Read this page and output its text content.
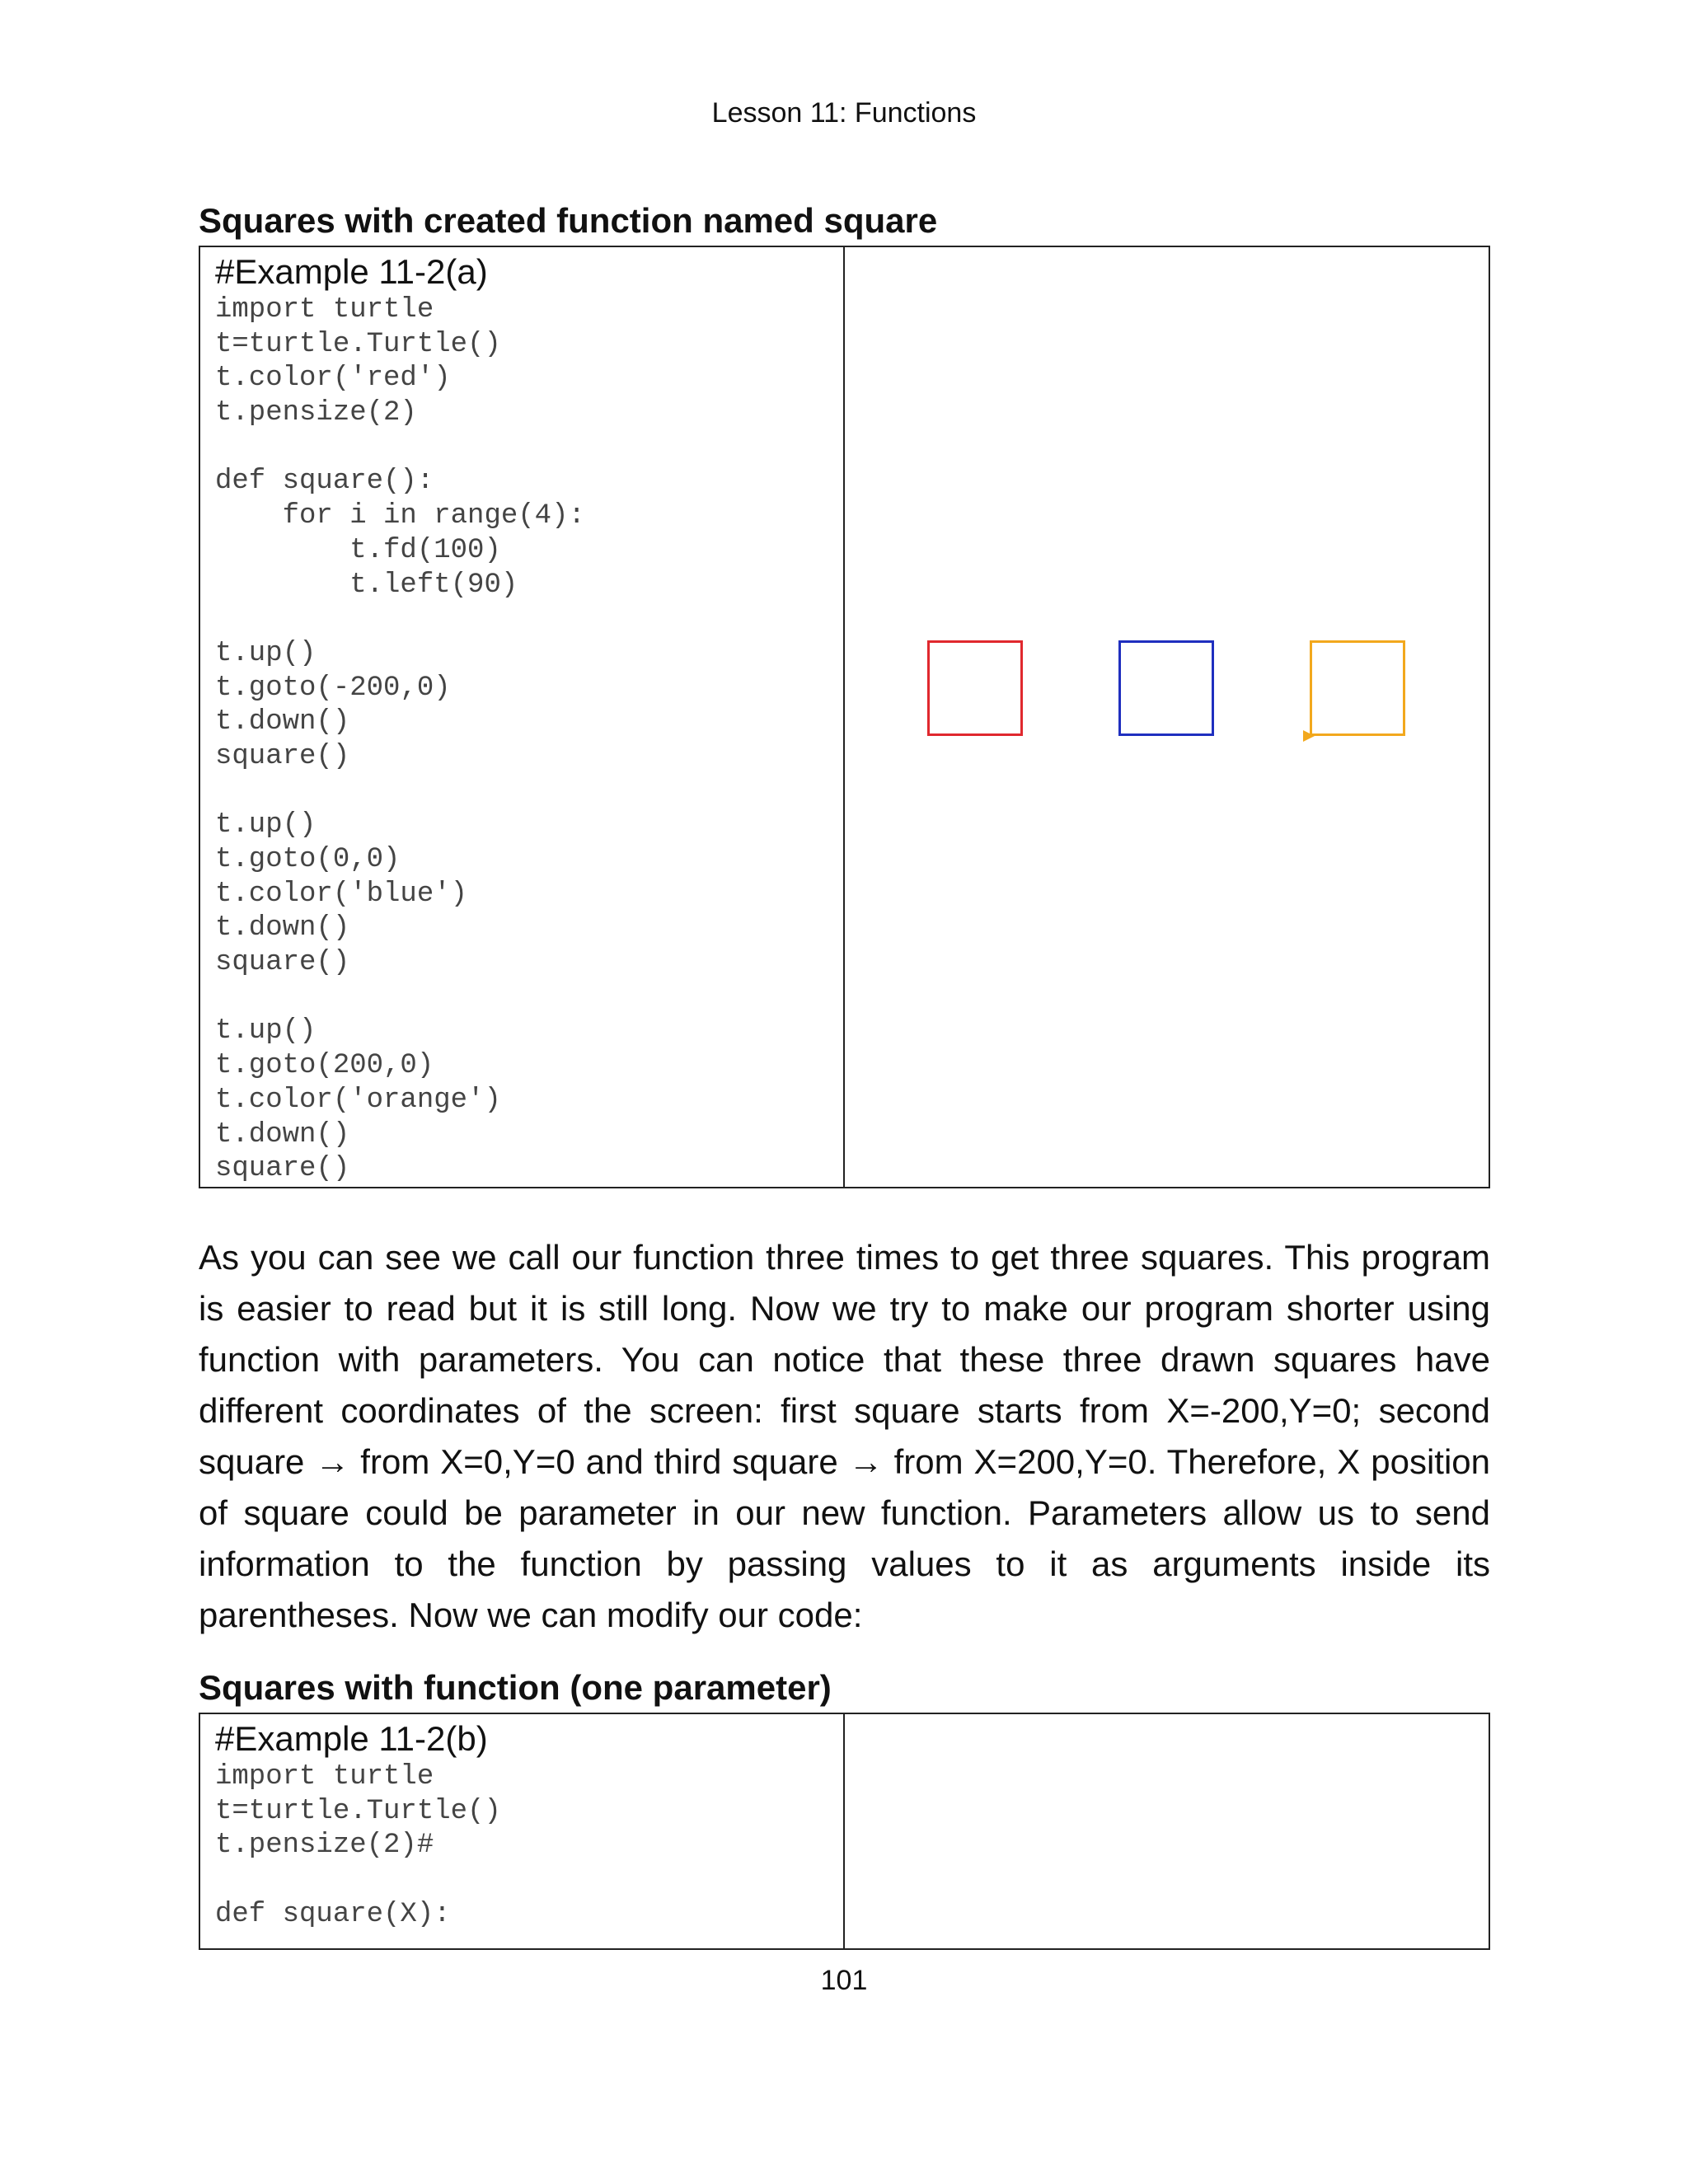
Lesson 11: Functions
Squares with created function named square
#Example 11-2(a)
import turtle
t=turtle.Turtle()
t.color('red')
t.pensize(2)
def square():
for i in range(4):
t.fd(100)
t.left(90)
t.up()
t.goto(-200,0)
t.down()
square()
t.up()
t.goto(0,0)
t.color('blue')
t.down()
square()
t.up()
t.goto(200,0)
t.color('orange')
t.down()
square()
As you can see we call our function three times to get three squares. This program is easier to read but it is still long. Now we try to make our program shorter using function with parameters. You can notice that these three drawn squares have different coordinates of the screen: first square starts from X=-200,Y=0; second square → from X=0,Y=0 and third square → from X=200,Y=0. Therefore, X position of square could be parameter in our new function. Parameters allow us to send information to the function by passing values to it as arguments inside its parentheses. Now we can modify our code:
Squares with function (one parameter)
#Example 11-2(b)
import turtle
t=turtle.Turtle()
t.pensize(2)#
def square(X):
101
